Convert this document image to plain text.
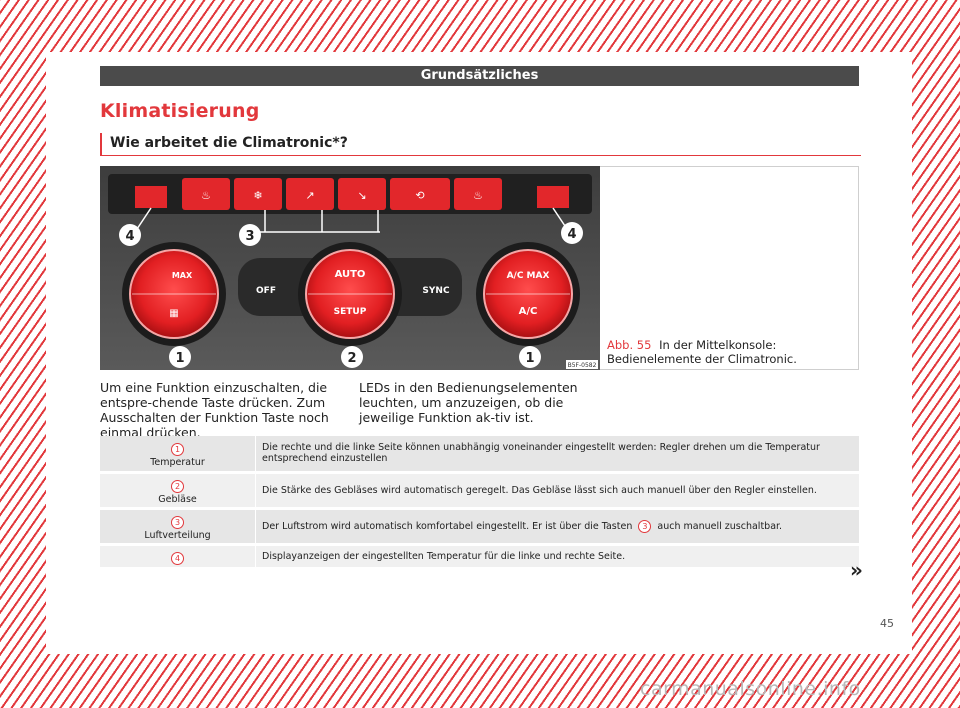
Grundsätzliches
Klimatisierung
Wie arbeitet die Climatronic*?
♨	❄	↗	↘	⟲	♨
MAX
▦
OFF
AUTO
SETUP
SYNC
A/C MAX
A/C
4	3	4
1	2	1	B5F-0582
Abb. 55 In der Mittelkonsole: Bedienelemente der Climatronic.
Um eine Funktion einzuschalten, die entspre-chende Taste drücken. Zum Ausschalten der Funktion Taste noch einmal drücken.
LEDs in den Bedienungselementen leuchten, um anzuzeigen, ob die jeweilige Funktion ak-tiv ist.
1
Temperatur	Die rechte und die linke Seite können unabhängig voneinander eingestellt werden: Regler drehen um die Temperatur entsprechend einzustellen
2
Gebläse	Die Stärke des Gebläses wird automatisch geregelt. Das Gebläse lässt sich auch manuell über den Regler einstellen.
3
Luftverteilung	Der Luftstrom wird automatisch komfortabel eingestellt. Er ist über die Tasten 3 auch manuell zuschaltbar.
4	Displayanzeigen der eingestellten Temperatur für die linke und rechte Seite.
»
45
carmanualsonline.info
